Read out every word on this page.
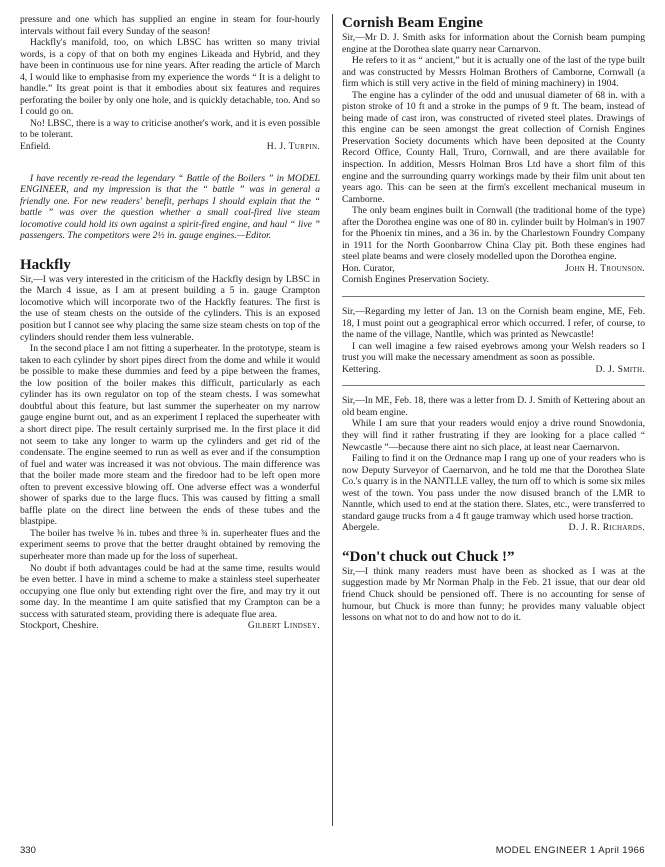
pressure and one which has supplied an engine in steam for four-hourly intervals without fail every Sunday of the season!

Hackfly's manifold, too, on which LBSC has written so many trivial words, is a copy of that on both my engines Likeada and Hybrid, and they have been in continuous use for nine years. After reading the article of March 4, I would like to emphasise from my experience the words “ It is a delight to handle.” Its great point is that it embodies about six features and requires perforating the boiler by only one hole, and is quickly detachable, too. And so I could go on.

No! LBSC, there is a way to criticise another's work, and it is even possible to be tolerant.

Enfield.	H. J. Turpin.

I have recently re-read the legendary “ Battle of the Boilers ” in MODEL ENGINEER, and my impression is that the “ battle ” was in general a friendly one. For new readers' benefit, perhaps I should explain that the “ battle ” was over the question whether a small coal-fired live steam locomotive could hold its own against a spirit-fired engine, and haul “ live ” passengers. The competitors were 2½ in. gauge engines.—Editor.

Hackfly

Sir,—I was very interested in the criticism of the Hackfly design by LBSC in the March 4 issue, as I am at present building a 5 in. gauge Crampton locomotive which will incorporate two of the Hackfly features. The first is the use of steam chests on the outside of the cylinders. This is an exposed position but I cannot see why placing the same size steam chests on top of the cylinders should render them less vulnerable.

In the second place I am not fitting a superheater. In the prototype, steam is taken to each cylinder by short pipes direct from the dome and while it would be possible to make these dummies and feed by a pipe between the frames, the low position of the boiler makes this difficult, particularly as each cylinder has its own regulator on top of the steam chests. I was somewhat doubtful about this feature, but last summer the superheater on my narrow gauge engine burnt out, and as an experiment I replaced the superheater with a short direct pipe. The result certainly surprised me. In the first place it did not seem to take any longer to warm up the cylinders and get rid of the condensate. The engine seemed to run as well as ever and if the consumption of fuel and water was increased it was not obvious. The main difference was that the boiler made more steam and the firedoor had to be left open more often to prevent excessive blowing off. One adverse effect was a wonderful shower of sparks due to the large flucs. This was caused by fitting a small baffle plate on the direct line between the ends of these tubes and the blastpipe.

The boiler has twelve ⅜ in. tubes and three ¾ in. superheater flues and the experiment seems to prove that the better draught obtained by removing the superheater more than made up for the loss of superheat.

No doubt if both advantages could be had at the same time, results would be even better. I have in mind a scheme to make a stainless steel superheater occupying one flue only but extending right over the fire, and may try it out some day. In the meantime I am quite satisfied that my Crampton can be a success with saturated steam, providing there is adequate flue area.

Stockport, Cheshire.	Gilbert Lindsey.
Cornish Beam Engine

Sir,—Mr D. J. Smith asks for information about the Cornish beam pumping engine at the Dorothea slate quarry near Carnarvon.

He refers to it as “ ancient,” but it is actually one of the last of the type built and was constructed by Messrs Holman Brothers of Camborne, Cornwall (a firm which is still very active in the field of mining machinery) in 1904.

The engine has a cylinder of the odd and unusual diameter of 68 in. with a piston stroke of 10 ft and a stroke in the pumps of 9 ft. The beam, instead of being made of cast iron, was constructed of riveted steel plates. Drawings of this engine can be seen amongst the great collection of Cornish Engines Preservation Society documents which have been deposited at the County Record Office, County Hall, Truro, Cornwall, and are there available for inspection. In addition, Messrs Holman Bros Ltd have a short film of this engine and the surrounding quarry workings made by their film unit about ten years ago. This can be seen at the firm's excellent mechanical museum in Camborne.

The only beam engines built in Cornwall (the traditional home of the type) after the Dorothea engine was one of 80 in. cylinder built by Holman's in 1907 for the Phoenix tin mines, and a 36 in. by the Charlestown Foundry Company in 1911 for the North Goonbarrow China Clay pit. Both these engines had steel plate beams and were closely modelled upon the Dorothea engine.

Hon. Curator,	John H. Trounson.

Cornish Engines Preservation Society.

Sir,—Regarding my letter of Jan. 13 on the Cornish beam engine, ME, Feb. 18, I must point out a geographical error which occurred. I refer, of course, to the name of the village, Nantlle, which was printed as Newcastle!

I can well imagine a few raised eyebrows among your Welsh readers so I trust you will make the necessary amendment as soon as possible.

Kettering.	D. J. Smith.

Sir,—In ME, Feb. 18, there was a letter from D. J. Smith of Kettering about an old beam engine.

While I am sure that your readers would enjoy a drive round Snowdonia, they will find it rather frustrating if they are looking for a place called “ Newcastle ”—because there aint no sich place, at least near Caernarvon.

Failing to find it on the Ordnance map I rang up one of your readers who is now Deputy Surveyor of Caernarvon, and he told me that the Dorothea Slate Co.'s quarry is in the NANTLLE valley, the turn off to which is some six miles west of the town. You pass under the now disused branch of the LMR to Nanntle, which used to end at the station there. Slates, etc., were transferred to standard gauge trucks from a 4 ft gauge tramway which used horse traction.

Abergele.	D. J. R. Richards.
“Don't chuck out Chuck !”

Sir,—I think many readers must have been as shocked as I was at the suggestion made by Mr Norman Phalp in the Feb. 21 issue, that our dear old friend Chuck should be pensioned off. There is no accounting for sense of humour, but Chuck is more than funny; he provides many valuable object lessons on what not to do and how not to do it.

330	MODEL ENGINEER 1 April 1966
